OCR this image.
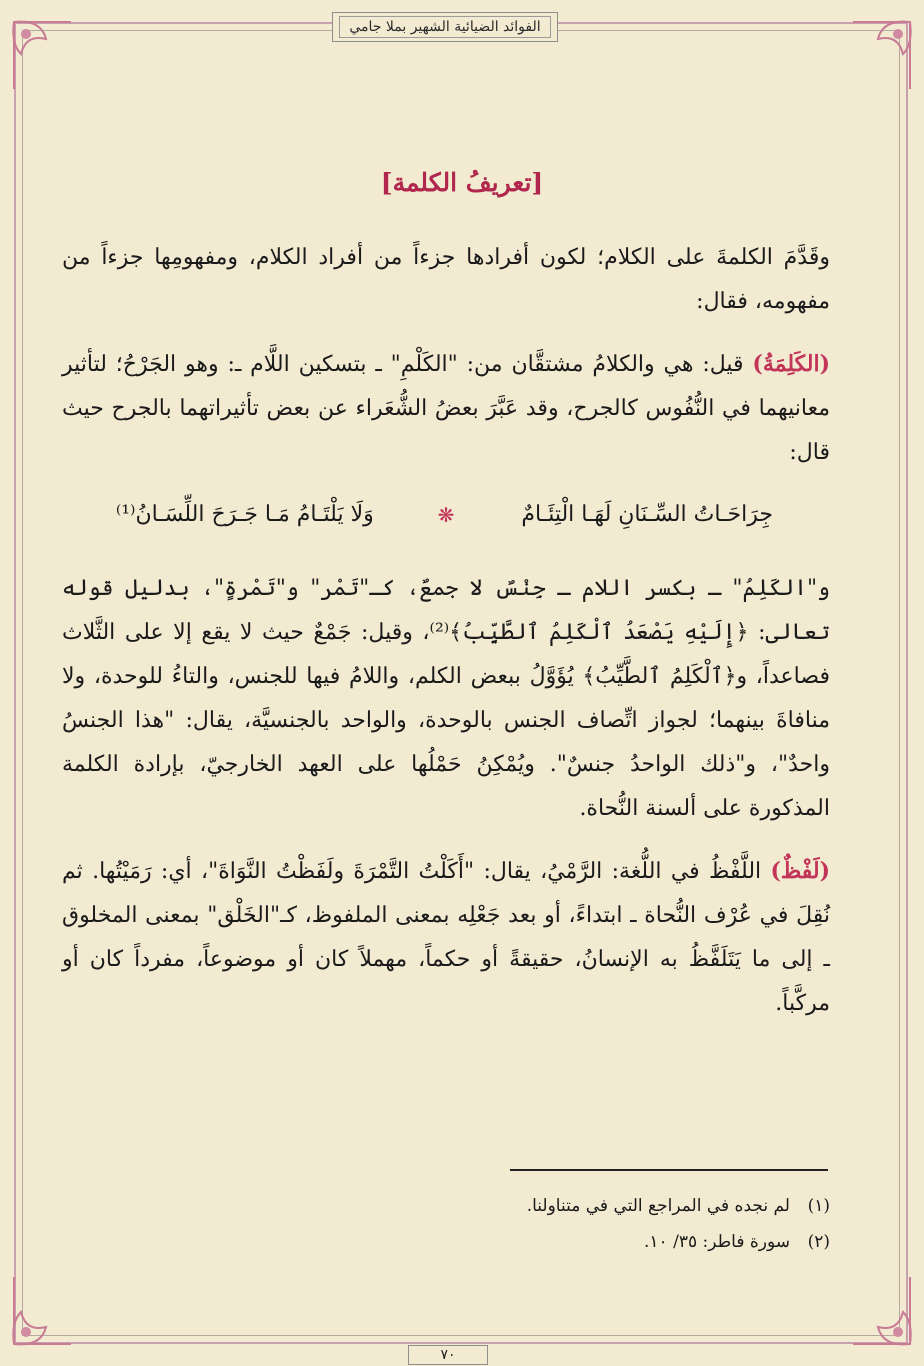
الفوائد الضيائية الشهير بملا جامي
[تعريفُ الكلمة]

وقَدَّمَ الكلمةَ على الكلام؛ لكون أفرادها جزءاً من أفراد الكلام، ومفهومِها جزءاً من مفهومه، فقال:

(الكَلِمَةُ) قيل: هي والكلامُ مشتقَّان من: "الكَلْمِ" ـ بتسكين اللَّام ـ: وهو الجَرْحُ؛ لتأثير معانيهما في النُّفُوس كالجرح، وقد عَبَّرَ بعضُ الشُّعَراء عن بعض تأثيراتهما بالجرح حيث قال:

جِرَاحَـاتُ السِّـنَانِ لَهَـا الْتِئَـامٌ
❋
وَلَا يَلْتَـامُ مَـا جَـرَحَ اللِّسَـانُ⁽¹⁾

و"الكَلِمُ" ـ بكسر اللام ـ جِنْسٌ لا جمعٌ، كـ"تَمْر" و"تَمْرةٍ"، بدليل قوله تعالى: ﴿إِلَيْهِ يَصْعَدُ ٱلْكَلِمُ ٱلطَّيِّبُ﴾⁽²⁾، وقيل: جَمْعٌ حيث لا يقع إلا على الثَّلاث فصاعداً، و﴿ٱلْكَلِمُ ٱلطَّيِّبُ﴾ يُؤَوَّلُ ببعض الكلم، واللامُ فيها للجنس، والتاءُ للوحدة، ولا منافاةَ بينهما؛ لجواز اتِّصاف الجنس بالوحدة، والواحد بالجنسيَّة، يقال: "هذا الجنسُ واحدٌ"، و"ذلك الواحدُ جنسٌ". ويُمْكِنُ حَمْلُها على العهد الخارجيّ، بإرادة الكلمة المذكورة على ألسنة النُّحاة.

(لَفْظٌ) اللَّفْظُ في اللُّغة: الرَّمْيُ، يقال: "أَكَلْتُ التَّمْرَةَ ولَفَظْتُ النَّوَاةَ"، أي: رَمَيْتُها. ثم نُقِلَ في عُرْف النُّحاة ـ ابتداءً، أو بعد جَعْلِه بمعنى الملفوظ، كـ"الخَلْق" بمعنى المخلوق ـ إلى ما يَتَلَفَّظُ به الإنسانُ، حقيقةً أو حكماً، مهملاً كان أو موضوعاً، مفرداً كان أو مركَّباً.

(١)
لم نجده في المراجع التي في متناولنا.
(٢)
سورة فاطر: ٣٥/ ١٠.
٧٠
